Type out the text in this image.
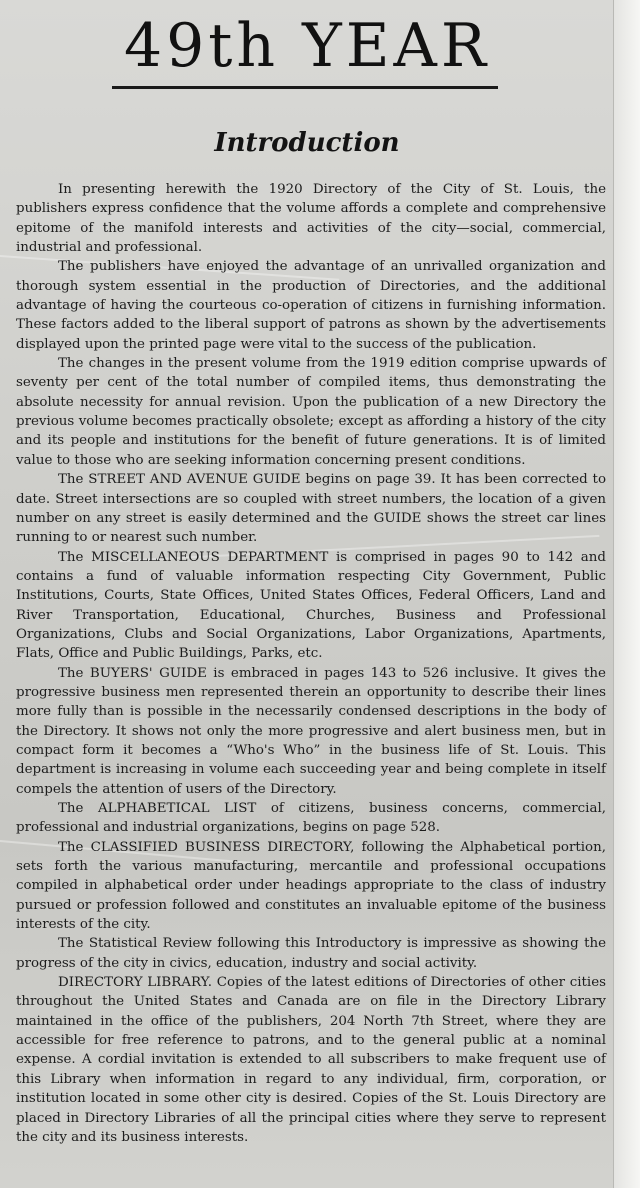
49th YEAR
Introduction

In presenting herewith the 1920 Directory of the City of St. Louis, the publishers express confidence that the volume affords a complete and comprehensive epitome of the manifold interests and activities of the city—social, commercial, industrial and professional.

The publishers have enjoyed the advantage of an unrivalled organization and thorough system essential in the production of Directories, and the additional advantage of having the courteous co-operation of citizens in furnishing information. These factors added to the liberal support of patrons as shown by the advertisements displayed upon the printed page were vital to the success of the publication.

The changes in the present volume from the 1919 edition comprise upwards of seventy per cent of the total number of compiled items, thus demonstrating the absolute necessity for annual revision. Upon the publication of a new Directory the previous volume becomes practically obsolete; except as affording a history of the city and its people and institutions for the benefit of future generations. It is of limited value to those who are seeking information concerning present conditions.

The STREET AND AVENUE GUIDE begins on page 39. It has been corrected to date. Street intersections are so coupled with street numbers, the location of a given number on any street is easily determined and the GUIDE shows the street car lines running to or nearest such number.

The MISCELLANEOUS DEPARTMENT is comprised in pages 90 to 142 and contains a fund of valuable information respecting City Government, Public Institutions, Courts, State Offices, United States Offices, Federal Officers, Land and River Transportation, Educational, Churches, Business and Professional Organizations, Clubs and Social Organizations, Labor Organizations, Apartments, Flats, Office and Public Buildings, Parks, etc.

The BUYERS' GUIDE is embraced in pages 143 to 526 inclusive. It gives the progressive business men represented therein an opportunity to describe their lines more fully than is possible in the necessarily condensed descriptions in the body of the Directory. It shows not only the more progressive and alert business men, but in compact form it becomes a “Who's Who” in the business life of St. Louis. This department is increasing in volume each succeeding year and being complete in itself compels the attention of users of the Directory.

The ALPHABETICAL LIST of citizens, business concerns, commercial, professional and industrial organizations, begins on page 528.

The CLASSIFIED BUSINESS DIRECTORY, following the Alphabetical portion, sets forth the various manufacturing, mercantile and professional occupations compiled in alphabetical order under headings appropriate to the class of industry pursued or profession followed and constitutes an invaluable epitome of the business interests of the city.

The Statistical Review following this Introductory is impressive as showing the progress of the city in civics, education, industry and social activity.

DIRECTORY LIBRARY. Copies of the latest editions of Directories of other cities throughout the United States and Canada are on file in the Directory Library maintained in the office of the publishers, 204 North 7th Street, where they are accessible for free reference to patrons, and to the general public at a nominal expense. A cordial invitation is extended to all subscribers to make frequent use of this Library when information in regard to any individual, firm, corporation, or institution located in some other city is desired. Copies of the St. Louis Directory are placed in Directory Libraries of all the principal cities where they serve to represent the city and its business interests.
